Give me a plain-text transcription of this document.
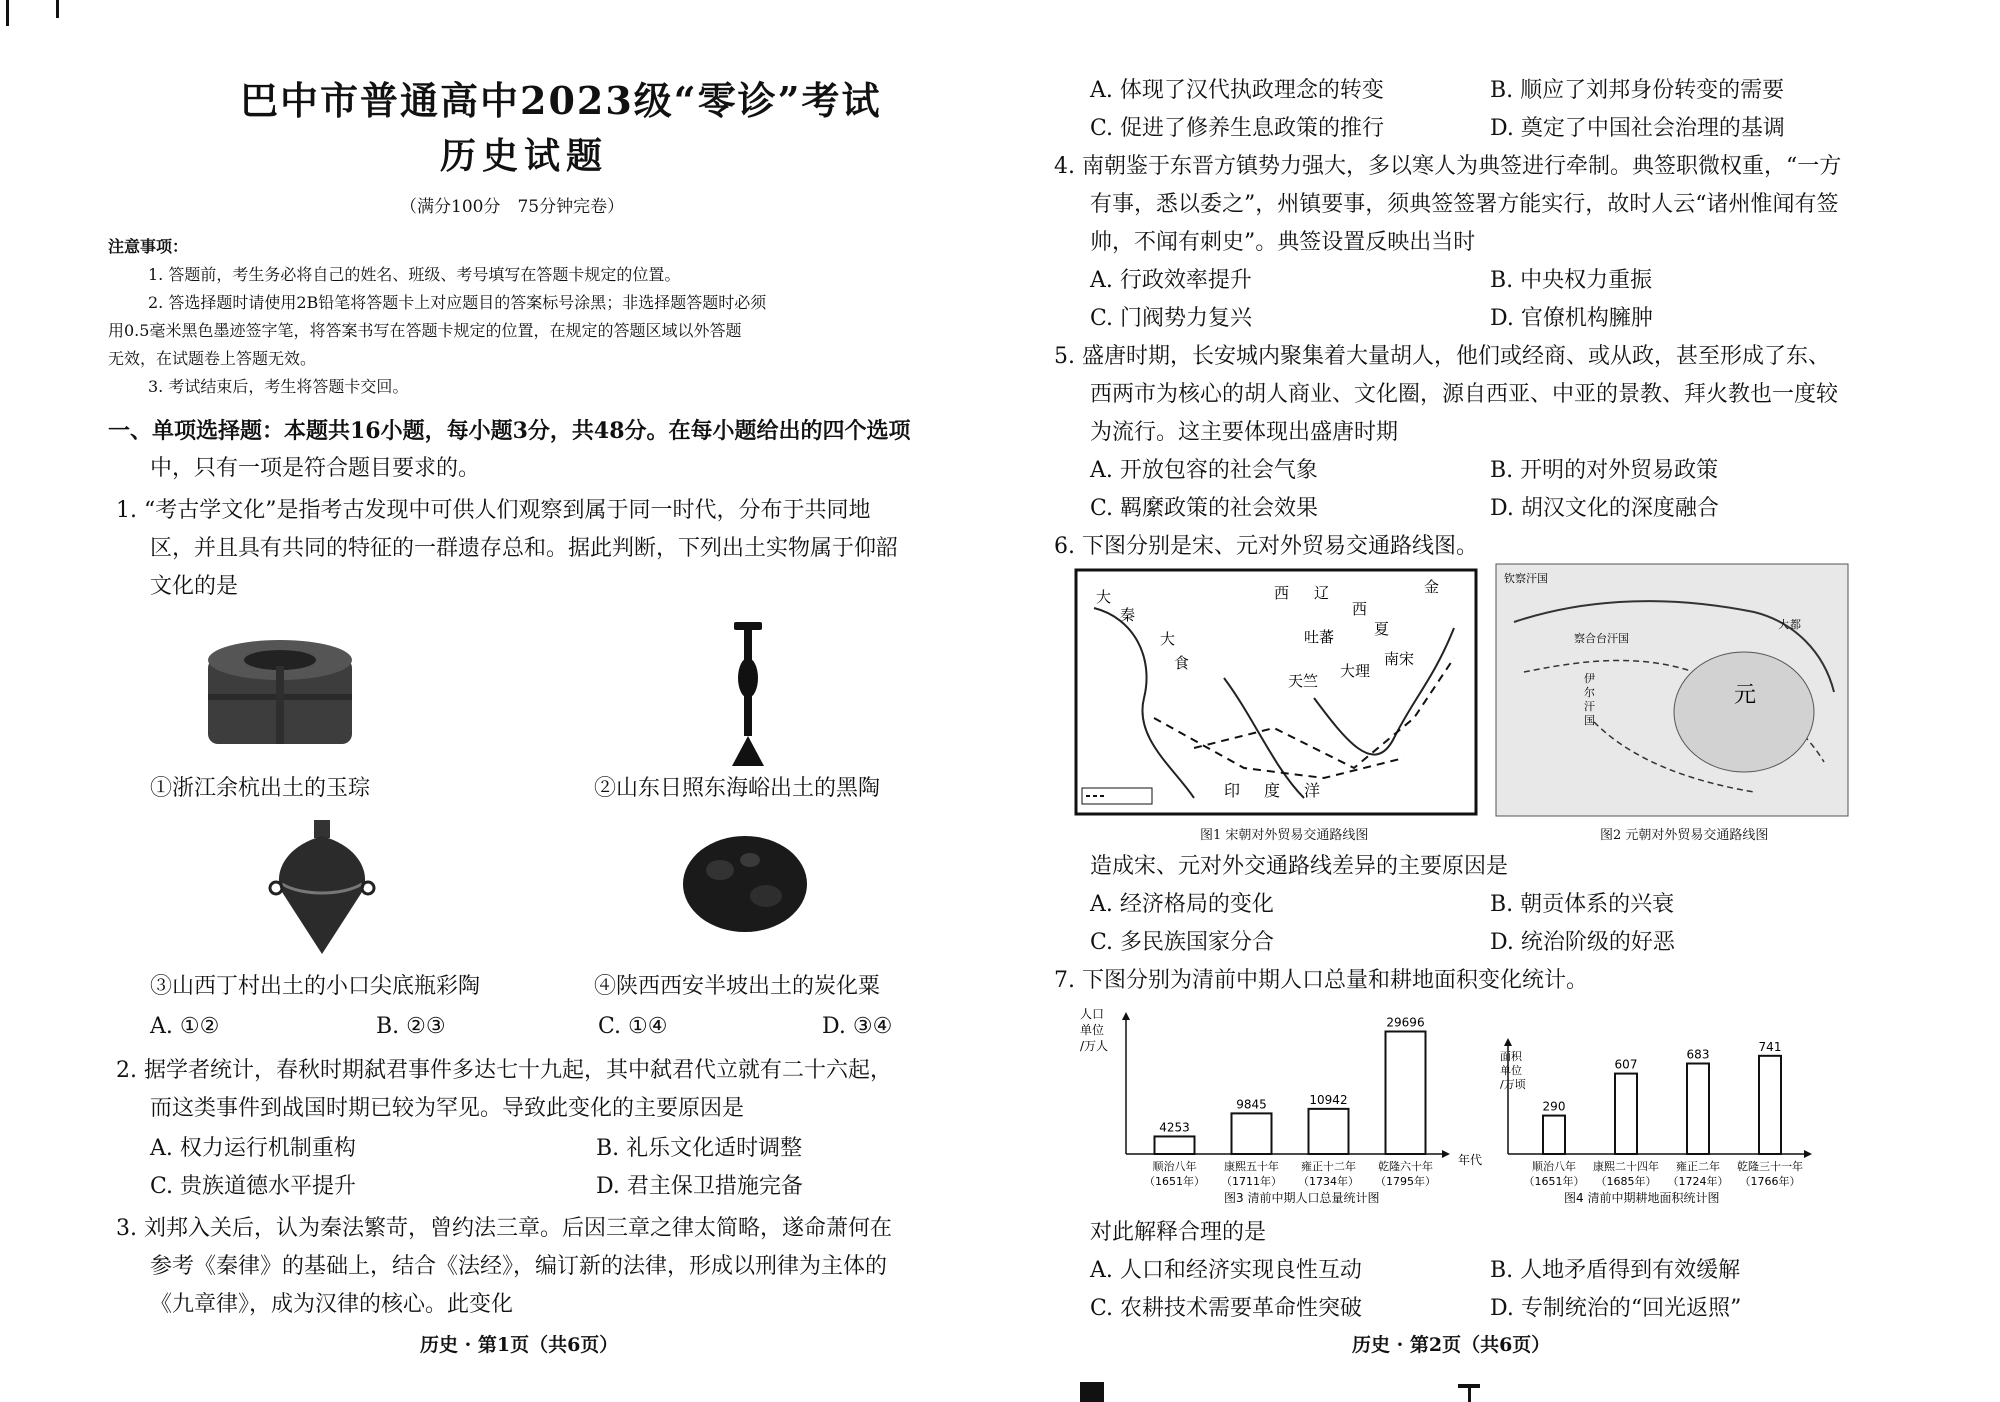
巴中市普通高中2023级“零诊”考试
历史试题
（满分100分　75分钟完卷）
注意事项：
1. 答题前，考生务必将自己的姓名、班级、考号填写在答题卡规定的位置。
2. 答选择题时请使用2B铅笔将答题卡上对应题目的答案标号涂黑；非选择题答题时必须
用0.5毫米黑色墨迹签字笔，将答案书写在答题卡规定的位置，在规定的答题区域以外答题
无效，在试题卷上答题无效。
3. 考试结束后，考生将答题卡交回。
一、单项选择题：本题共16小题，每小题3分，共48分。在每小题给出的四个选项
中，只有一项是符合题目要求的。
1. “考古学文化”是指考古发现中可供人们观察到属于同一时代，分布于共同地
区，并且具有共同的特征的一群遗存总和。据此判断，下列出土实物属于仰韶
文化的是
①浙江余杭出土的玉琮	②山东日照东海峪出土的黑陶
③山西丁村出土的小口尖底瓶彩陶	④陕西西安半坡出土的炭化粟
A. ①②	B. ②③	C. ①④	D. ③④
2. 据学者统计，春秋时期弑君事件多达七十九起，其中弑君代立就有二十六起，
而这类事件到战国时期已较为罕见。导致此变化的主要原因是
A. 权力运行机制重构	B. 礼乐文化适时调整
C. 贵族道德水平提升	D. 君主保卫措施完备
3. 刘邦入关后，认为秦法繁苛，曾约法三章。后因三章之律太简略，遂命萧何在
参考《秦律》的基础上，结合《法经》，编订新的法律，形成以刑律为主体的
《九章律》，成为汉律的核心。此变化
历史 · 第1页（共6页）
A. 体现了汉代执政理念的转变	B. 顺应了刘邦身份转变的需要
C. 促进了修养生息政策的推行	D. 奠定了中国社会治理的基调
4. 南朝鉴于东晋方镇势力强大，多以寒人为典签进行牵制。典签职微权重，“一方
有事，悉以委之”，州镇要事，须典签签署方能实行，故时人云“诸州惟闻有签
帅，不闻有刺史”。典签设置反映出当时
A. 行政效率提升	B. 中央权力重振
C. 门阀势力复兴	D. 官僚机构臃肿
5. 盛唐时期，长安城内聚集着大量胡人，他们或经商、或从政，甚至形成了东、
西两市为核心的胡人商业、文化圈，源自西亚、中亚的景教、拜火教也一度较
为流行。这主要体现出盛唐时期
A. 开放包容的社会气象	B. 开明的对外贸易政策
C. 羁縻政策的社会效果	D. 胡汉文化的深度融合
6. 下图分别是宋、元对外贸易交通路线图。
大
秦
大
食
西 辽
西
夏
金
吐蕃
大理
南宋
天竺
印 度 洋
图1 宋朝对外贸易交通路线图
钦察汗国
察合台汗国
元
伊
尔
汗
国
大 都
图2 元朝对外贸易交通路线图
造成宋、元对外交通路线差异的主要原因是
A. 经济格局的变化	B. 朝贡体系的兴衰
C. 多民族国家分合	D. 统治阶级的好恶
7. 下图分别为清前中期人口总量和耕地面积变化统计。
人口
单位
/万人
年代
图3 清前中期人口总量统计图
4253
顺治八年
（1651年）
9845
康熙五十年
（1711年）
10942
雍正十二年
（1734年）
29696
乾隆六十年
（1795年）
面积
单位
/万顷
图4 清前中期耕地面积统计图
290
顺治八年
（1651年）
607
康熙二十四年
（1685年）
683
雍正二年
（1724年）
741
乾隆三十一年
（1766年）
对此解释合理的是
A. 人口和经济实现良性互动	B. 人地矛盾得到有效缓解
C. 农耕技术需要革命性突破	D. 专制统治的“回光返照”
历史 · 第2页（共6页）
